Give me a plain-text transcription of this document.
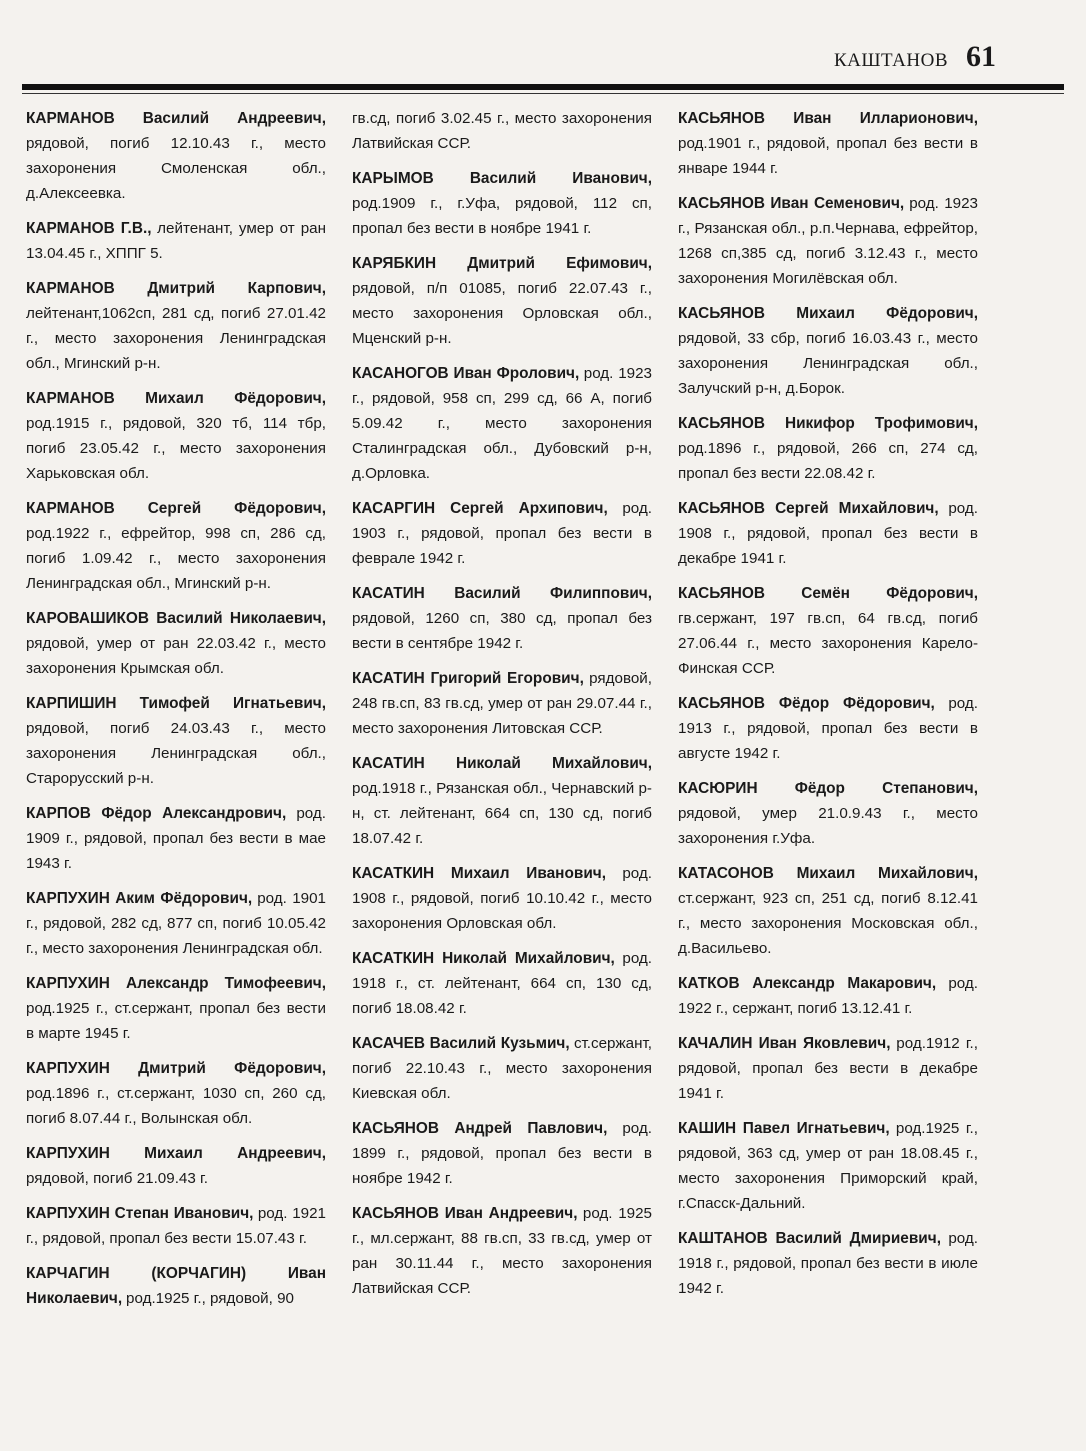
КАШТАНОВ 61

КАРМАНОВ Василий Андреевич, рядовой, погиб 12.10.43 г., место захоронения Смоленская обл., д.Алексеевка.

КАРМАНОВ Г.В., лейтенант, умер от ран 13.04.45 г., ХППГ 5.

КАРМАНОВ Дмитрий Карпович, лейтенант,1062сп, 281 сд, погиб 27.01.42 г., место захоронения Ленинградская обл., Мгинский р-н.

КАРМАНОВ Михаил Фёдорович, род.1915 г., рядовой, 320 тб, 114 тбр, погиб 23.05.42 г., место захоронения Харьковская обл.

КАРМАНОВ Сергей Фёдорович, род.1922 г., ефрейтор, 998 сп, 286 сд, погиб 1.09.42 г., место захоронения Ленинградская обл., Мгинский р-н.

КАРОВАШИКОВ Василий Николаевич, рядовой, умер от ран 22.03.42 г., место захоронения Крымская обл.

КАРПИШИН Тимофей Игнатьевич, рядовой, погиб 24.03.43 г., место захоронения Ленинградская обл., Старорусский р-н.

КАРПОВ Фёдор Александрович, род. 1909 г., рядовой, пропал без вести в мае 1943 г.

КАРПУХИН Аким Фёдорович, род. 1901 г., рядовой, 282 сд, 877 сп, погиб 10.05.42 г., место захоронения Ленинградская обл.

КАРПУХИН Александр Тимофеевич, род.1925 г., ст.сержант, пропал без вести в марте 1945 г.

КАРПУХИН Дмитрий Фёдорович, род.1896 г., ст.сержант, 1030 сп, 260 сд, погиб 8.07.44 г., Волынская обл.

КАРПУХИН Михаил Андреевич, рядовой, погиб 21.09.43 г.

КАРПУХИН Степан Иванович, род. 1921 г., рядовой, пропал без вести 15.07.43 г.

КАРЧАГИН (КОРЧАГИН) Иван Николаевич, род.1925 г., рядовой, 90

гв.сд, погиб 3.02.45 г., место захоронения Латвийская ССР.

КАРЫМОВ Василий Иванович, род.1909 г., г.Уфа, рядовой, 112 сп, пропал без вести в ноябре 1941 г.

КАРЯБКИН Дмитрий Ефимович, рядовой, п/п 01085, погиб 22.07.43 г., место захоронения Орловская обл., Мценский р-н.

КАСАНОГОВ Иван Фролович, род. 1923 г., рядовой, 958 сп, 299 сд, 66 А, погиб 5.09.42 г., место захоронения Сталинградская обл., Дубовский р-н, д.Орловка.

КАСАРГИН Сергей Архипович, род. 1903 г., рядовой, пропал без вести в феврале 1942 г.

КАСАТИН Василий Филиппович, рядовой, 1260 сп, 380 сд, пропал без вести в сентябре 1942 г.

КАСАТИН Григорий Егорович, рядовой, 248 гв.сп, 83 гв.сд, умер от ран 29.07.44 г., место захоронения Литовская ССР.

КАСАТИН Николай Михайлович, род.1918 г., Рязанская обл., Чернавский р-н, ст. лейтенант, 664 сп, 130 сд, погиб 18.07.42 г.

КАСАТКИН Михаил Иванович, род. 1908 г., рядовой, погиб 10.10.42 г., место захоронения Орловская обл.

КАСАТКИН Николай Михайлович, род. 1918 г., ст. лейтенант, 664 сп, 130 сд, погиб 18.08.42 г.

КАСАЧЕВ Василий Кузьмич, ст.сержант, погиб 22.10.43 г., место захоронения Киевская обл.

КАСЬЯНОВ Андрей Павлович, род. 1899 г., рядовой, пропал без вести в ноябре 1942 г.

КАСЬЯНОВ Иван Андреевич, род. 1925 г., мл.сержант, 88 гв.сп, 33 гв.сд, умер от ран 30.11.44 г., место захоронения Латвийская ССР.

КАСЬЯНОВ Иван Илларионович, род.1901 г., рядовой, пропал без вести в январе 1944 г.

КАСЬЯНОВ Иван Семенович, род. 1923 г., Рязанская обл., р.п.Чернава, ефрейтор, 1268 сп,385 сд, погиб 3.12.43 г., место захоронения Могилёвская обл.

КАСЬЯНОВ Михаил Фёдорович, рядовой, 33 сбр, погиб 16.03.43 г., место захоронения Ленинградская обл., Залучский р-н, д.Борок.

КАСЬЯНОВ Никифор Трофимович, род.1896 г., рядовой, 266 сп, 274 сд, пропал без вести 22.08.42 г.

КАСЬЯНОВ Сергей Михайлович, род. 1908 г., рядовой, пропал без вести в декабре 1941 г.

КАСЬЯНОВ Семён Фёдорович, гв.сержант, 197 гв.сп, 64 гв.сд, погиб 27.06.44 г., место захоронения Карело-Финская ССР.

КАСЬЯНОВ Фёдор Фёдорович, род. 1913 г., рядовой, пропал без вести в августе 1942 г.

КАСЮРИН Фёдор Степанович, рядовой, умер 21.0.9.43 г., место захоронения г.Уфа.

КАТАСОНОВ Михаил Михайлович, ст.сержант, 923 сп, 251 сд, погиб 8.12.41 г., место захоронения Московская обл., д.Васильево.

КАТКОВ Александр Макарович, род. 1922 г., сержант, погиб 13.12.41 г.

КАЧАЛИН Иван Яковлевич, род.1912 г., рядовой, пропал без вести в декабре 1941 г.

КАШИН Павел Игнатьевич, род.1925 г., рядовой, 363 сд, умер от ран 18.08.45 г., место захоронения Приморский край, г.Спасск-Дальний.

КАШТАНОВ Василий Дмириевич, род. 1918 г., рядовой, пропал без вести в июле 1942 г.
